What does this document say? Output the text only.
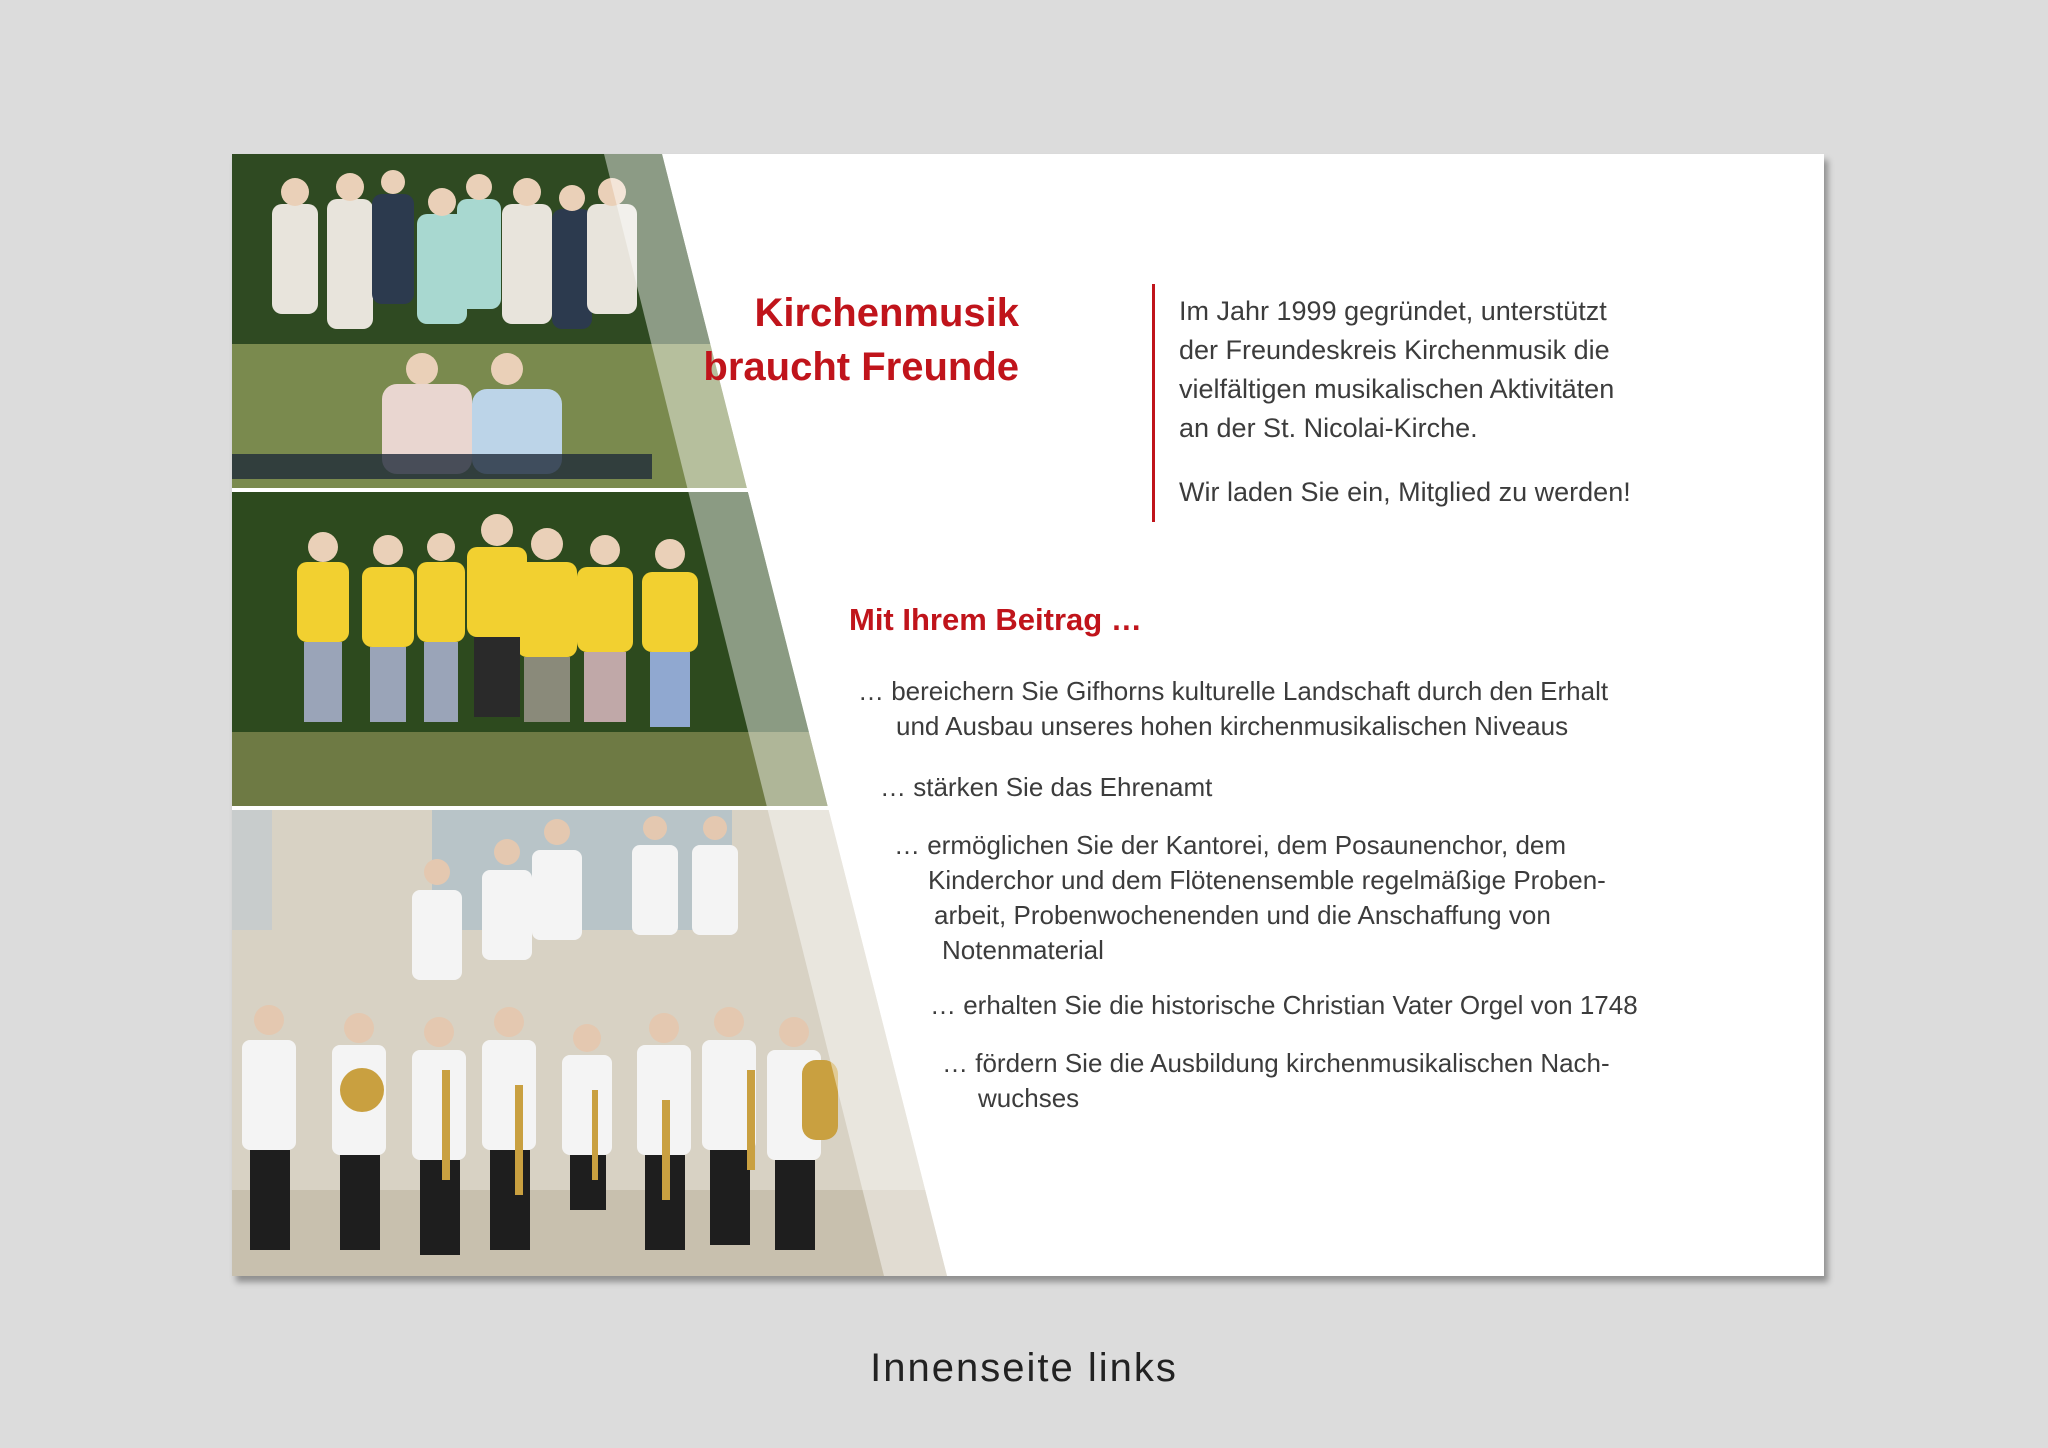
Kirchenmusik
braucht Freunde

Im Jahr 1999 gegründet, unterstützt
der Freundeskreis Kirchenmusik die
vielfältigen musikalischen Aktivitäten
an der St. Nicolai-Kirche.

Wir laden Sie ein, Mitglied zu werden!

Mit Ihrem Beitrag …
… bereichern Sie Gifhorns kulturelle Landschaft durch den Erhalt
und Ausbau unseres hohen kirchenmusikalischen Niveaus
… stärken Sie das Ehrenamt
… ermöglichen Sie der Kantorei, dem Posaunenchor, dem
Kinderchor und dem Flötenensemble regelmäßige Proben-
arbeit, Probenwochenenden und die Anschaffung von
Notenmaterial
… erhalten Sie die historische Christian Vater Orgel von 1748
… fördern Sie die Ausbildung kirchenmusikalischen Nach-
wuchses
Innenseite links
